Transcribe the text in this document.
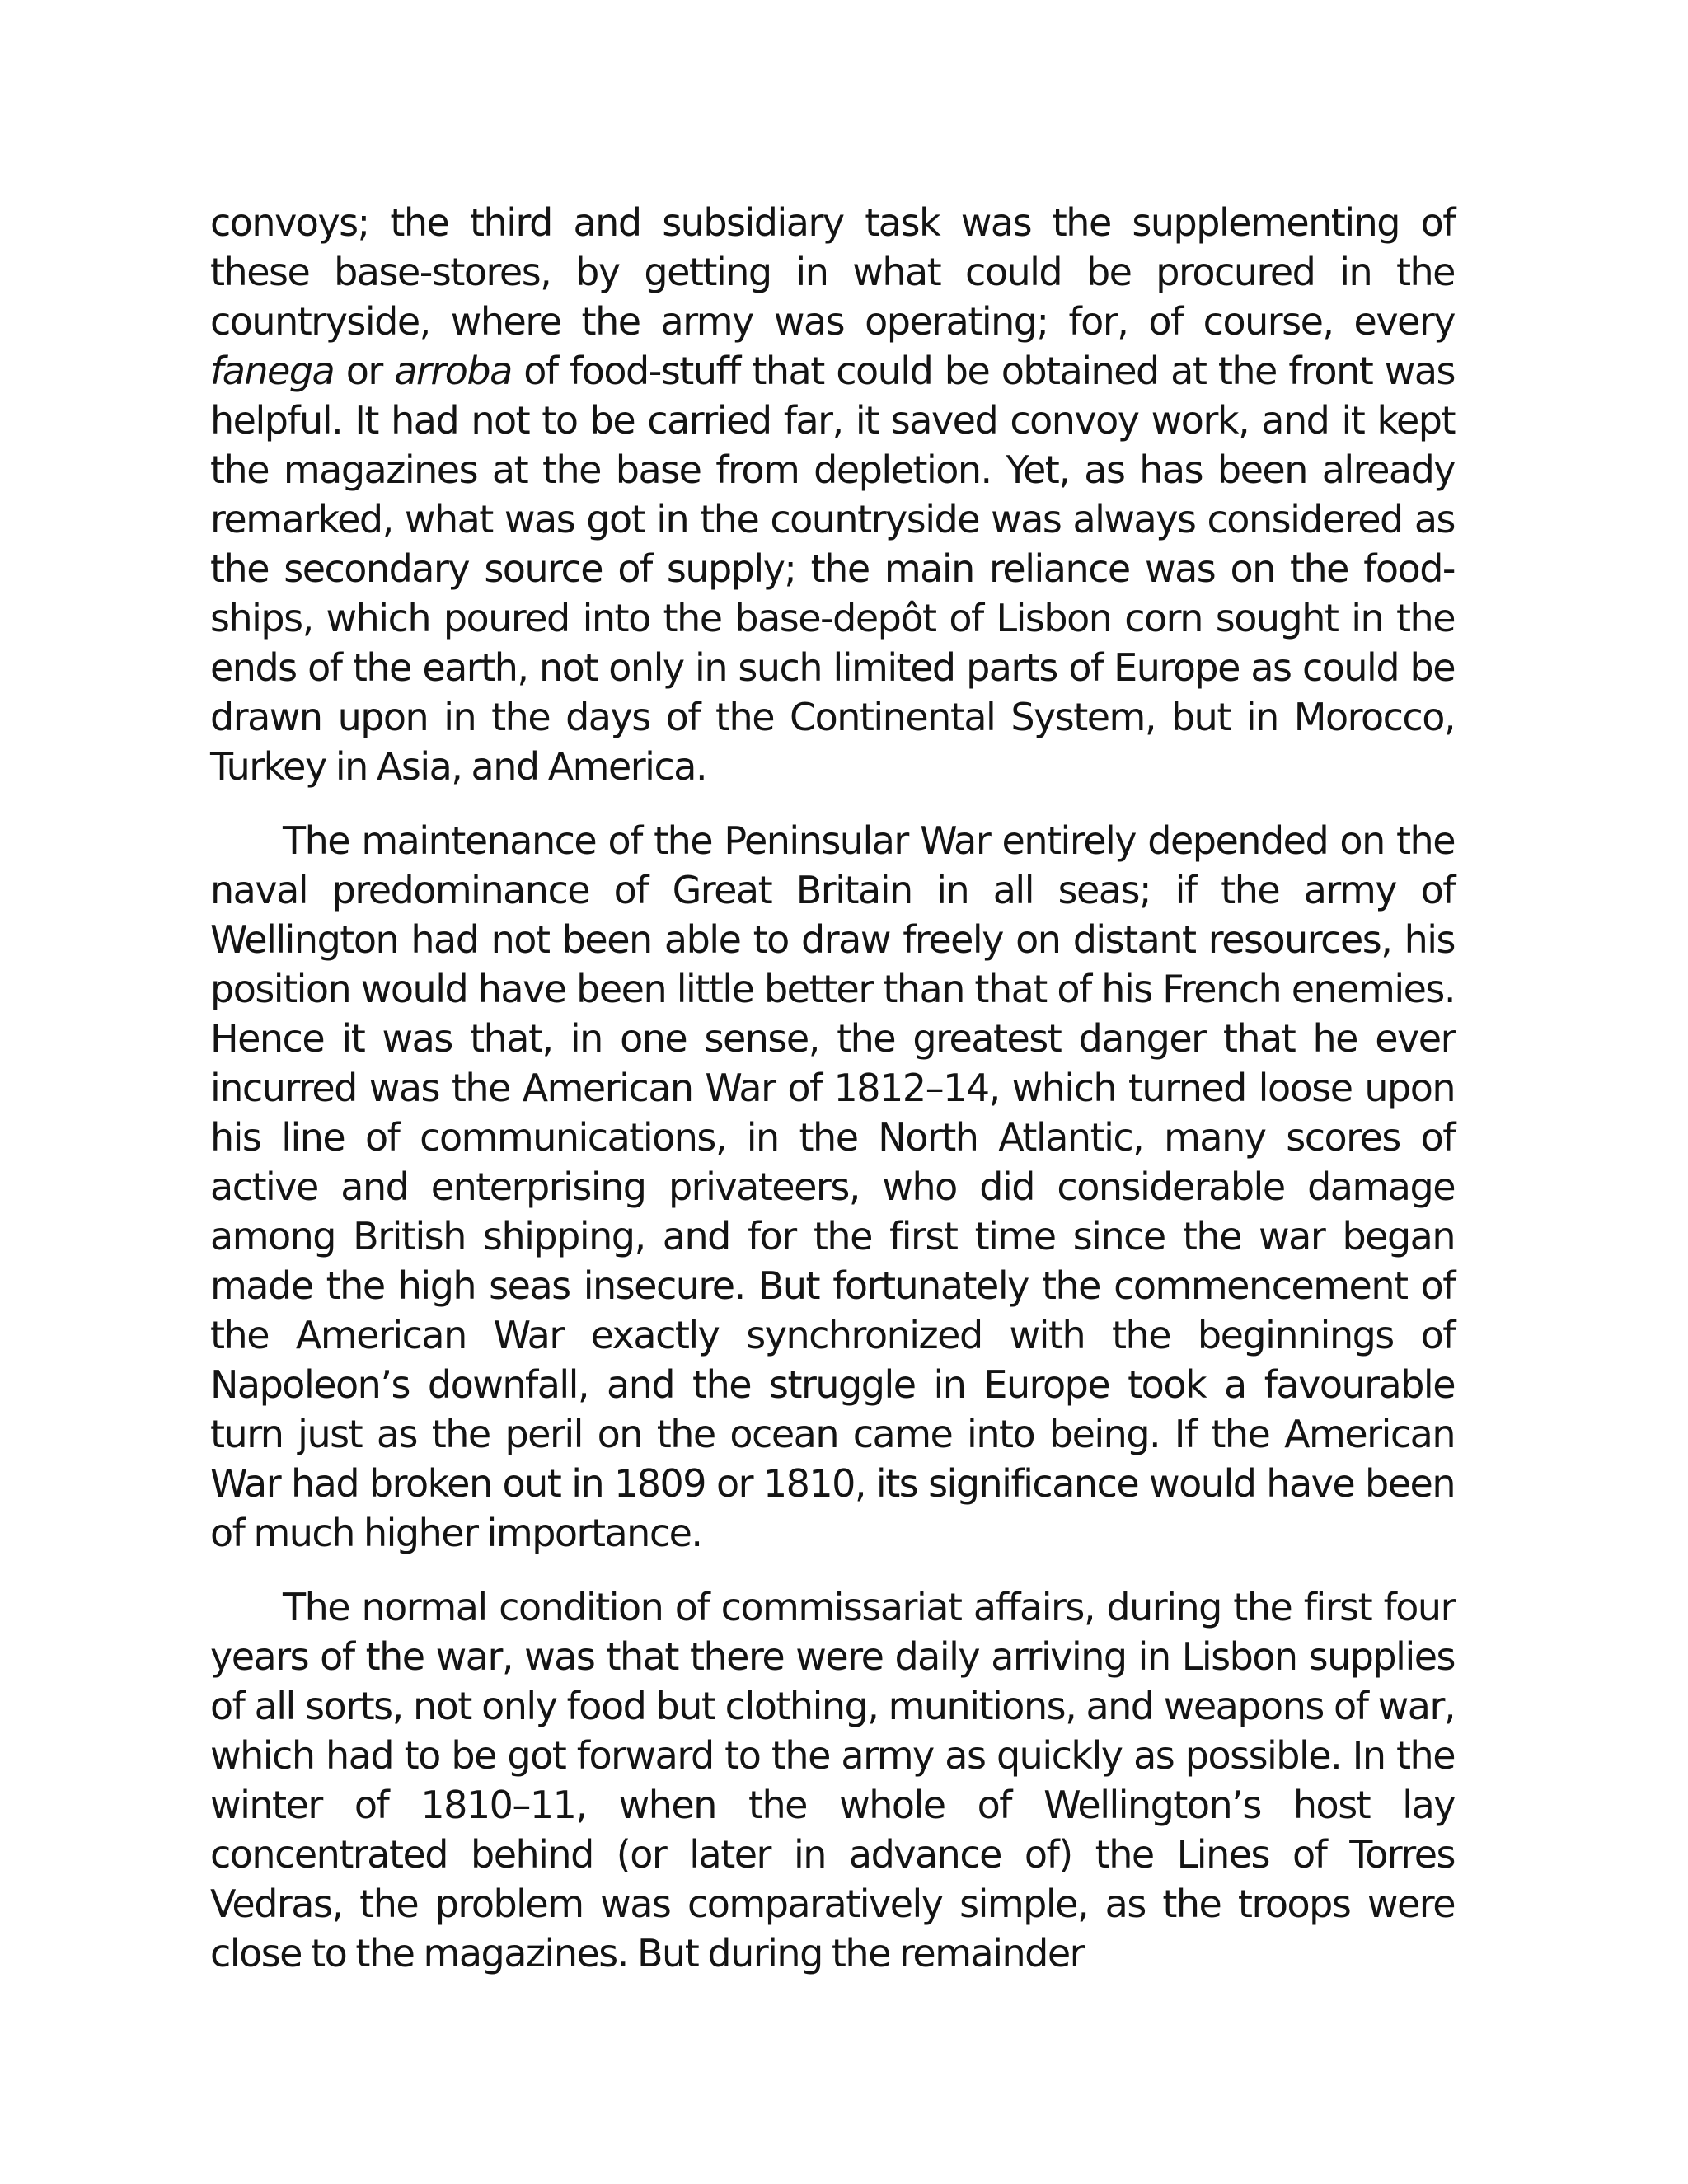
convoys; the third and subsidiary task was the supplementing of these base-stores, by getting in what could be procured in the countryside, where the army was operating; for, of course, every fanega or arroba of food-stuff that could be obtained at the front was helpful. It had not to be carried far, it saved convoy work, and it kept the magazines at the base from depletion. Yet, as has been already remarked, what was got in the countryside was always considered as the secondary source of supply; the main reliance was on the food-ships, which poured into the base-depôt of Lisbon corn sought in the ends of the earth, not only in such limited parts of Europe as could be drawn upon in the days of the Continental System, but in Morocco, Turkey in Asia, and America.

The maintenance of the Peninsular War entirely depended on the naval predominance of Great Britain in all seas; if the army of Wellington had not been able to draw freely on distant resources, his position would have been little better than that of his French enemies. Hence it was that, in one sense, the greatest danger that he ever incurred was the American War of 1812–14, which turned loose upon his line of communications, in the North Atlantic, many scores of active and enterprising privateers, who did considerable damage among British shipping, and for the first time since the war began made the high seas insecure. But fortunately the commencement of the American War exactly synchronized with the beginnings of Napoleon’s downfall, and the struggle in Europe took a favourable turn just as the peril on the ocean came into being. If the American War had broken out in 1809 or 1810, its significance would have been of much higher importance.

The normal condition of commissariat affairs, during the first four years of the war, was that there were daily arriving in Lisbon supplies of all sorts, not only food but clothing, munitions, and weapons of war, which had to be got forward to the army as quickly as possible. In the winter of 1810–11, when the whole of Wellington’s host lay concentrated behind (or later in advance of) the Lines of Torres Vedras, the problem was comparatively simple, as the troops were close to the magazines. But during the remainder
